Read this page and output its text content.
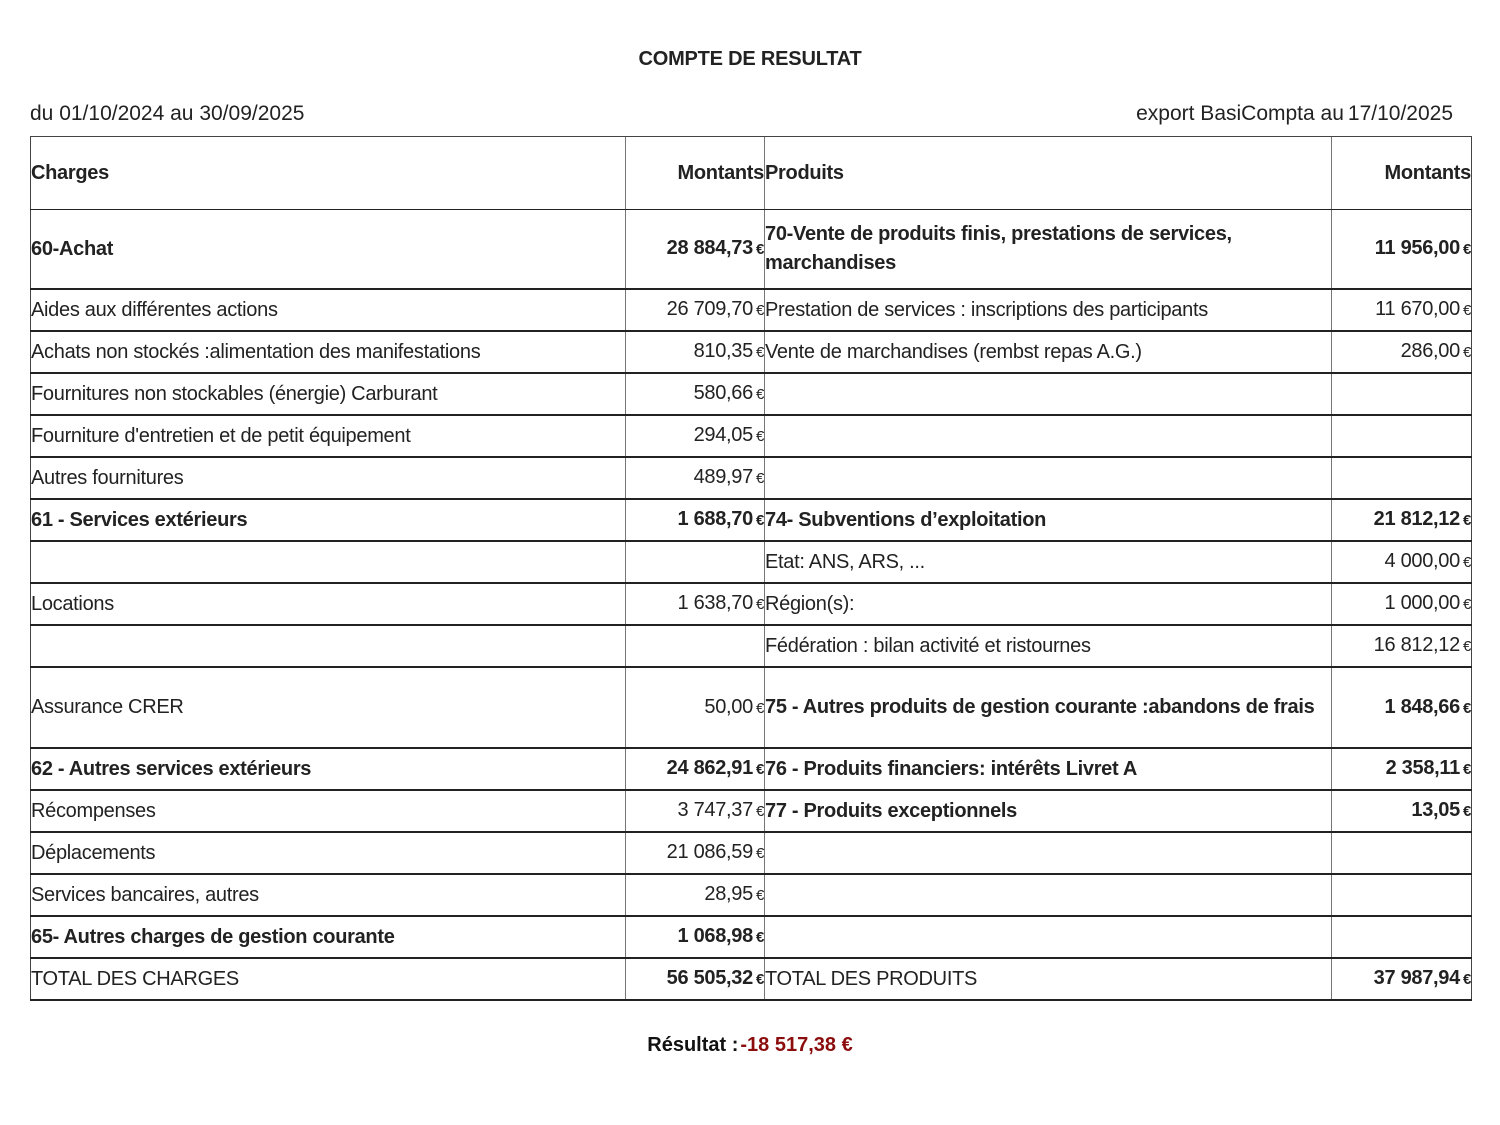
COMPTE DE RESULTAT
du 01/10/2024 au 30/09/2025	export BasiCompta au 17/10/2025
Charges	Montants	Produits	Montants
60-Achat	28 884,73 €	70-Vente de produits finis, prestations de services, marchandises	11 956,00 €
Aides aux différentes actions	26 709,70 €	Prestation de services : inscriptions des participants	11 670,00 €
Achats non stockés :alimentation des manifestations	810,35 €	Vente de marchandises (rembst repas A.G.)	286,00 €
Fournitures non stockables (énergie) Carburant	580,66 €		
Fourniture d'entretien et de petit équipement	294,05 €		
Autres fournitures	489,97 €		
61 - Services extérieurs	1 688,70 €	74- Subventions d’exploitation	21 812,12 €
		Etat: ANS, ARS, ...	4 000,00 €
Locations	1 638,70 €	Région(s):	1 000,00 €
		Fédération : bilan activité et ristournes	16 812,12 €
Assurance CRER	50,00 €	75 - Autres produits de gestion courante :abandons de frais	1 848,66 €
62 - Autres services extérieurs	24 862,91 €	76 - Produits financiers: intérêts Livret A	2 358,11 €
Récompenses	3 747,37 €	77 - Produits exceptionnels	13,05 €
Déplacements	21 086,59 €		
Services bancaires, autres	28,95 €		
65- Autres charges de gestion courante	1 068,98 €		
TOTAL DES CHARGES	56 505,32 €	TOTAL DES PRODUITS	37 987,94 €
Résultat : -18 517,38 €
